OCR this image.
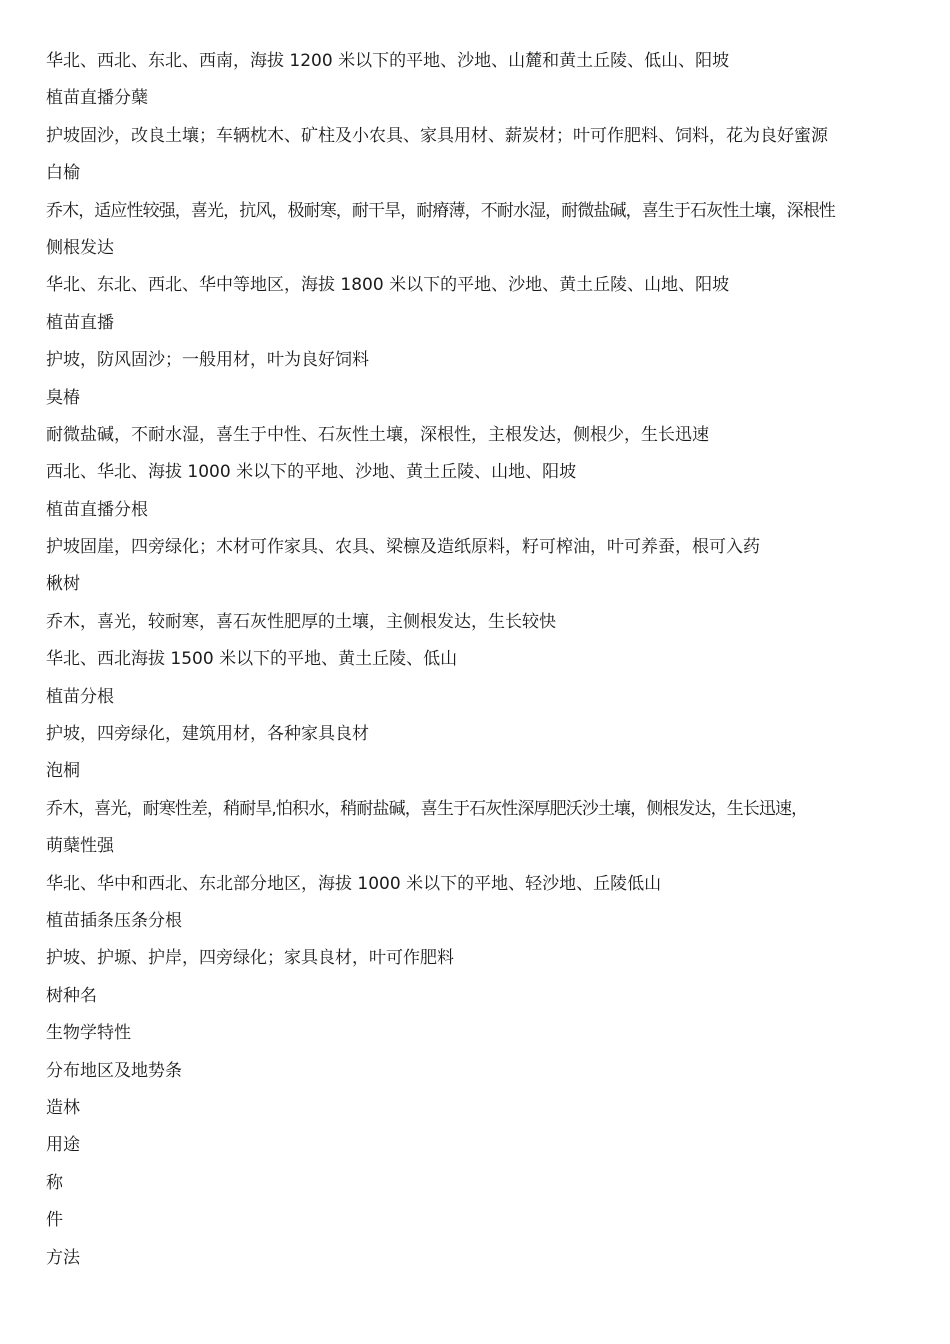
华北、西北、东北、西南，海拔 1200 米以下的平地、沙地、山麓和黄土丘陵、低山、阳坡
植苗直播分蘖
护坡固沙，改良土壤；车辆枕木、矿柱及小农具、家具用材、薪炭材；叶可作肥料、饲料，花为良好蜜源
白榆
乔木，适应性较强，喜光，抗风，极耐寒，耐干旱，耐瘠薄，不耐水湿，耐微盐碱，喜生于石灰性土壤，深根性
侧根发达
华北、东北、西北、华中等地区，海拔 1800 米以下的平地、沙地、黄土丘陵、山地、阳坡
植苗直播
护坡，防风固沙；一般用材，叶为良好饲料
臭椿
耐微盐碱，不耐水湿，喜生于中性、石灰性土壤，深根性，主根发达，侧根少，生长迅速
西北、华北、海拔 1000 米以下的平地、沙地、黄土丘陵、山地、阳坡
植苗直播分根
护坡固崖，四旁绿化；木材可作家具、农具、梁檩及造纸原料，籽可榨油，叶可养蚕，根可入药
楸树
乔木，喜光，较耐寒，喜石灰性肥厚的土壤，主侧根发达，生长较快
华北、西北海拔 1500 米以下的平地、黄土丘陵、低山
植苗分根
护坡，四旁绿化，建筑用材，各种家具良材
泡桐
乔木，喜光，耐寒性差，稍耐旱,怕积水，稍耐盐碱，喜生于石灰性深厚肥沃沙土壤，侧根发达，生长迅速，
萌蘖性强
华北、华中和西北、东北部分地区，海拔 1000 米以下的平地、轻沙地、丘陵低山
植苗插条压条分根
护坡、护塬、护岸，四旁绿化；家具良材，叶可作肥料
树种名
生物学特性
分布地区及地势条
造林
用途
称
件
方法
